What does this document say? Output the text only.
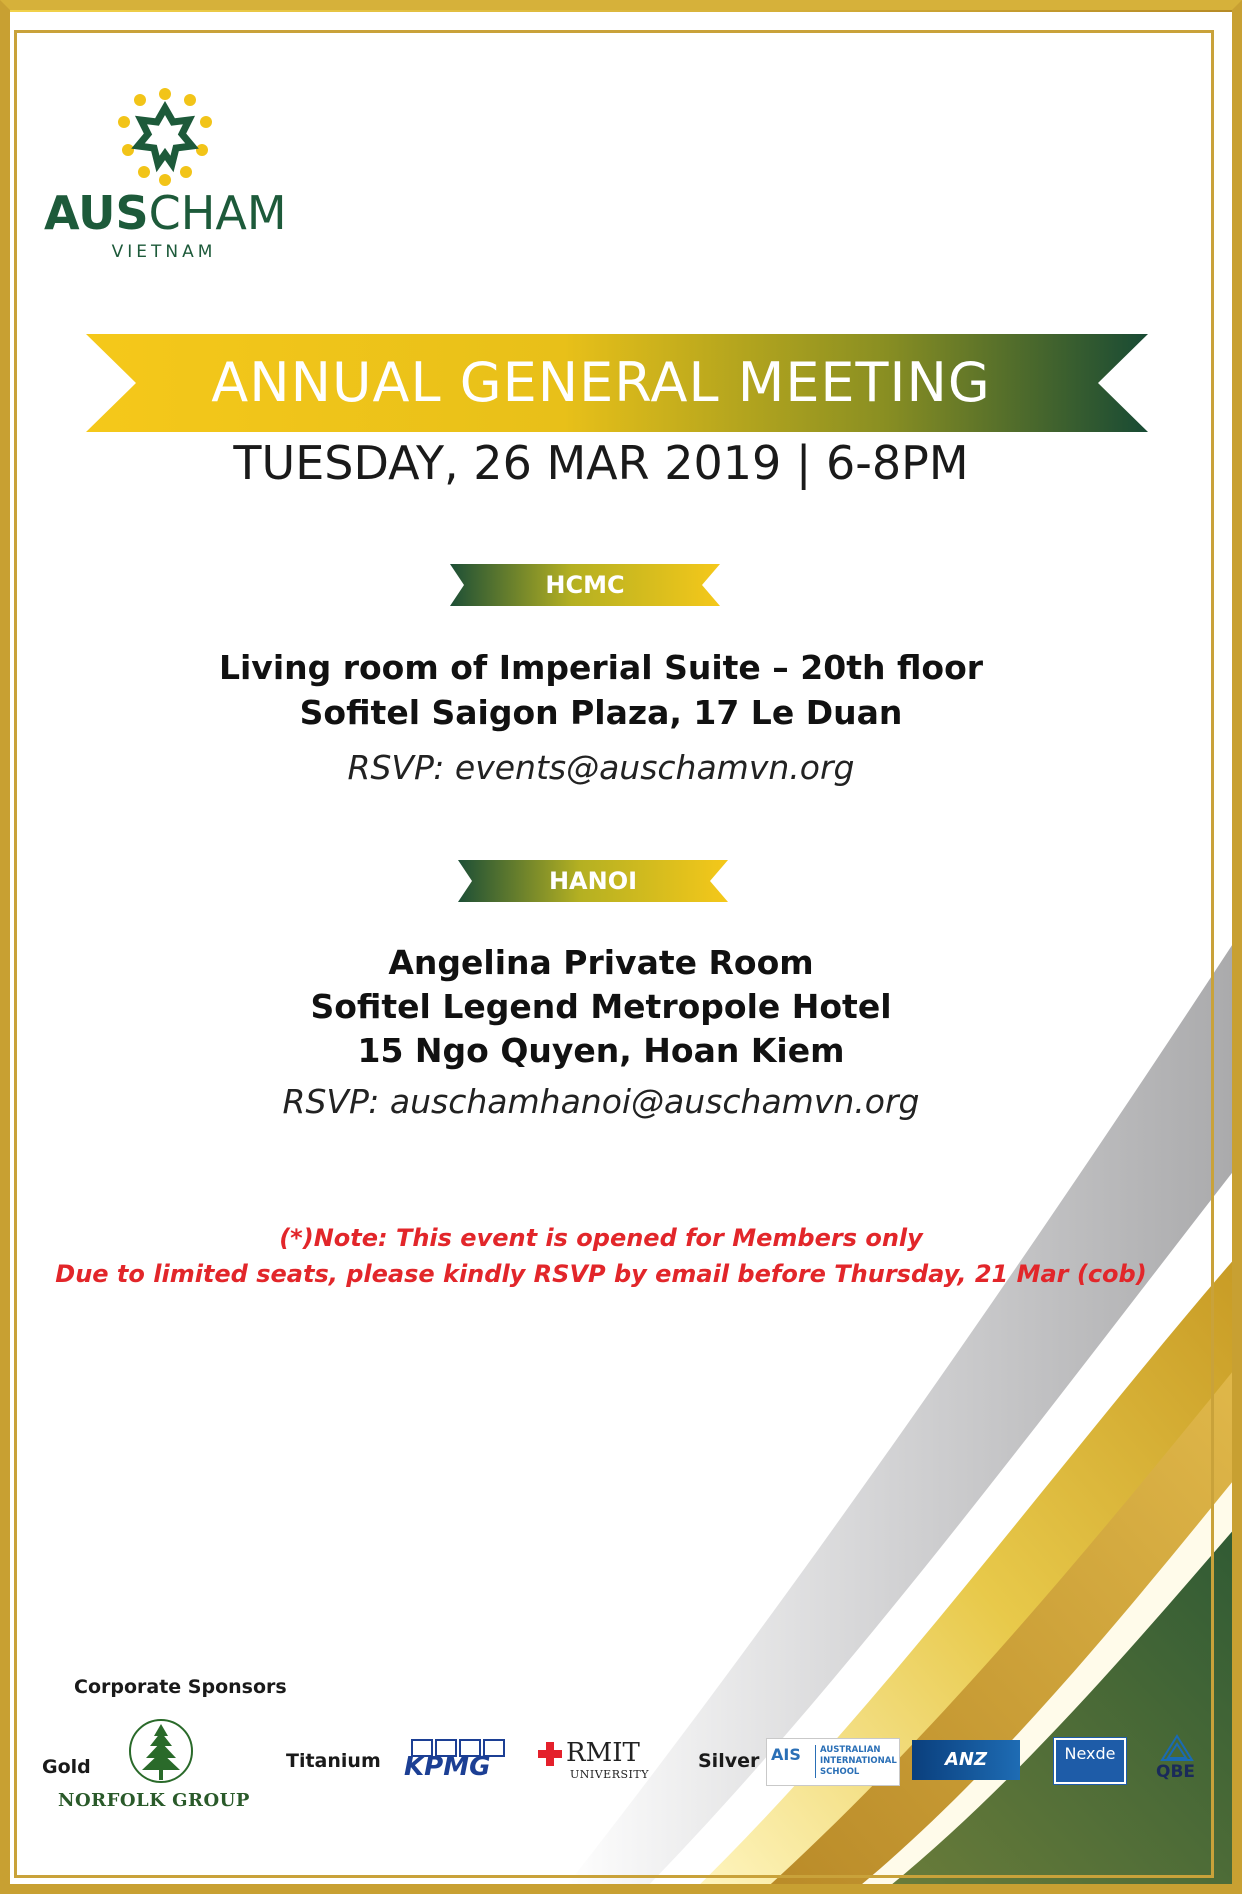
AUSCHAM
VIETNAM
ANNUAL GENERAL MEETING
TUESDAY, 26 MAR 2019 | 6-8PM
HCMC
Living room of Imperial Suite – 20th floor
Sofitel Saigon Plaza, 17 Le Duan
RSVP: events@auschamvn.org
HANOI
Angelina Private Room
Sofitel Legend Metropole Hotel
15 Ngo Quyen, Hoan Kiem
RSVP: auschamhanoi@auschamvn.org
(*)Note: This event is opened for Members only
Due to limited seats, please kindly RSVP by email before Thursday, 21 Mar (cob)
Corporate Sponsors
Gold	Titanium	Silver
NORFOLK GROUP
KPMG	RMIT
UNIVERSITY
AIS	AUSTRALIAN INTERNATIONAL SCHOOL
ANZ	Nexde
QBE
